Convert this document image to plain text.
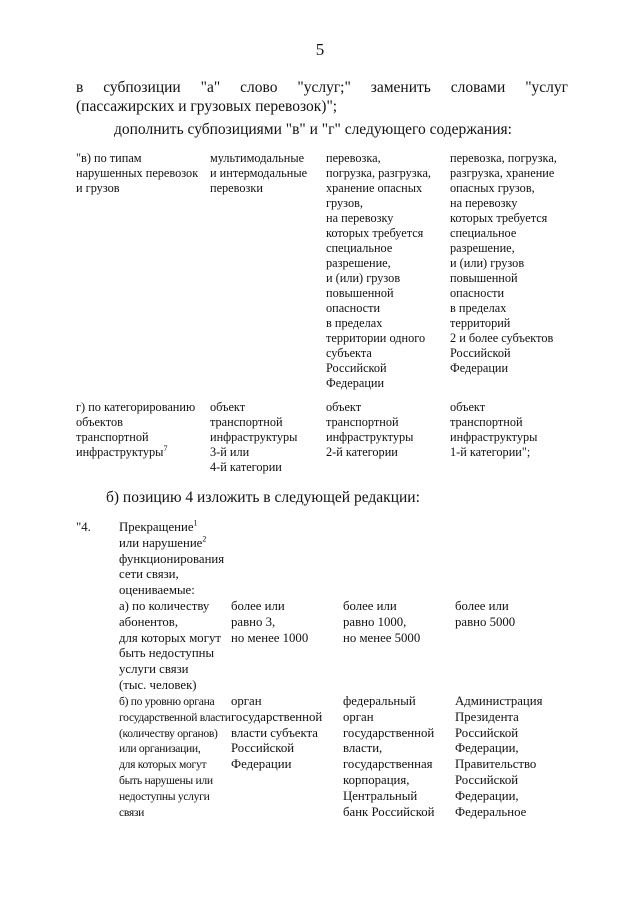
5
в субпозиции "а" слово "услуг;" заменить словами "услуг
(пассажирских и грузовых перевозок)";
дополнить субпозициями "в" и "г" следующего содержания:
"в) по типам
нарушенных перевозок
и грузов
мультимодальные
и интермодальные
перевозки
перевозка,
погрузка, разгрузка,
хранение опасных
грузов,
на перевозку
которых требуется
специальное
разрешение,
и (или) грузов
повышенной
опасности
в пределах
территории одного
субъекта
Российской
Федерации
перевозка, погрузка,
разгрузка, хранение
опасных грузов,
на перевозку
которых требуется
специальное
разрешение,
и (или) грузов
повышенной
опасности
в пределах
территорий
2 и более субъектов
Российской
Федерации
г) по категорированию
объектов
транспортной
инфраструктуры$^7$
объект
транспортной
инфраструктуры
3-й или
4-й категории
объект
транспортной
инфраструктуры
2-й категории
объект
транспортной
инфраструктуры
1-й категории";
б) позицию 4 изложить в следующей редакции:
"4. Прекращение$^1$
или нарушение$^2$
функционирования
сети связи,
оцениваемые:
а) по количеству
абонентов,
для которых могут
быть недоступны
услуги связи
(тыс. человек)
более или
равно 3,
но менее 1000
более или
равно 1000,
но менее 5000
более или
равно 5000
б) по уровню органа
государственной власти
(количеству органов)
или организации,
для которых могут
быть нарушены или
недоступны услуги
связи
орган
государственной
власти субъекта
Российской
Федерации
федеральный
орган
государственной
власти,
государственная
корпорация,
Центральный
банк Российской
Администрация
Президента
Российской
Федерации,
Правительство
Российской
Федерации,
Федеральное
